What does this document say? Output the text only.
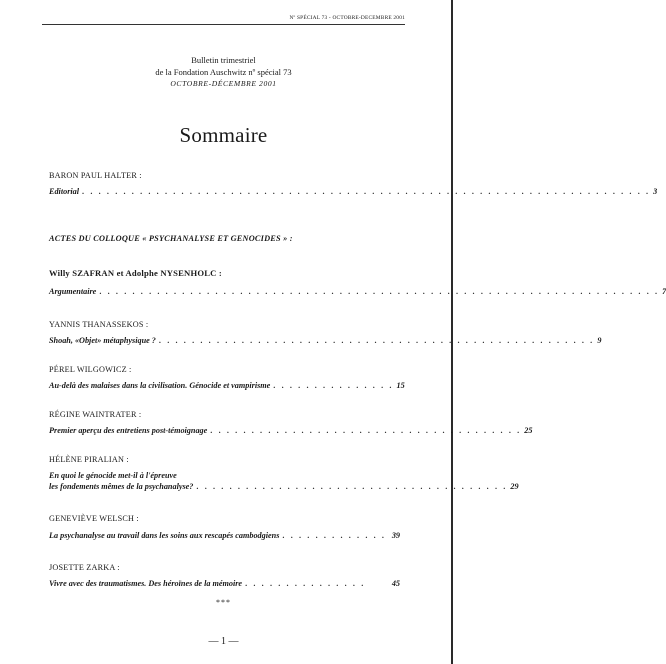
Nº SPÉCIAL 73 - OCTOBRE-DECEMBRE 2001
Bulletin trimestriel
de la Fondation Auschwitz nº spécial 73
OCTOBRE-DÉCEMBRE 2001
Sommaire
BARON PAUL HALTER :
Editorial . . . . . . . . . . . . . . . . . . . . . . . . . . . . . . . . . . . . . . . . . . . . . . . . . . . . . . . . . . . . . . . . . . . . . 3
ACTES DU COLLOQUE « PSYCHANALYSE ET GENOCIDES » :
Willy SZAFRAN et Adolphe NYSENHOLC :
Argumentaire . . . . . . . . . . . . . . . . . . . . . . . . . . . . . . . . . . . . . . . . . . . . . . . . . . . . . . . . . . . . . . . . . . . . 7
YANNIS THANASSEKOS :
Shoah, «Objet» métaphysique ? . . . . . . . . . . . . . . . . . . . . . . . . . . . . . . . . . . . . . . . . . . . . . . . . . . . . . 9
PÉREL WILGOWICZ :
Au-delà des malaises dans la civilisation. Génocide et vampirisme . . . . . . . . . . . . . . . 15
RÉGINE WAINTRATER :
Premier aperçu des entretiens post-témoignage . . . . . . . . . . . . . . . . . . . . . . . . . . . . . . . . . . . . . . 25
HÉLÈNE PIRALIAN :
En quoi le génocide met-il à l'épreuve
les fondements mêmes de la psychanalyse? . . . . . . . . . . . . . . . . . . . . . . . . . . . . . . . . . . . . . . 29
GENEVIÈVE WELSCH :
La psychanalyse au travail dans les soins aux rescapés cambodgiens . . . . . . . . . . . . . 39
JOSETTE ZARKA :
Vivre avec des traumatismes. Des héroïnes de la mémoire . . . . . . . . . . . . . . .	45
***
— 1 —
